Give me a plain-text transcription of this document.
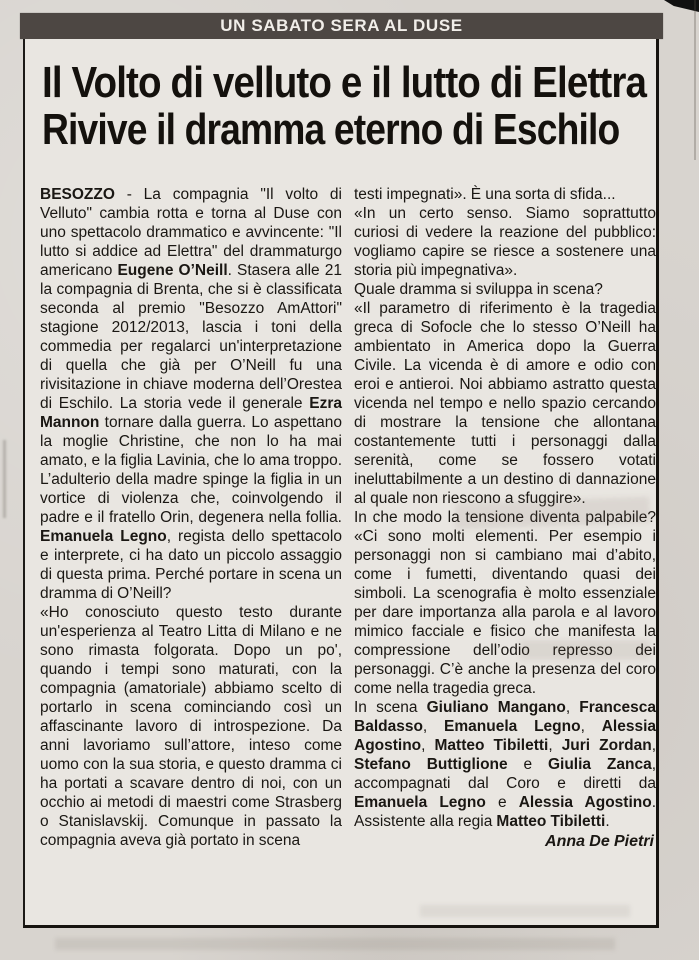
UN SABATO SERA AL DUSE
Il Volto di velluto e il lutto di Elettra
Rivive il dramma eterno di Eschilo

BESOZZO - La compagnia "Il volto di Velluto" cambia rotta e torna al Duse con uno spettacolo drammatico e avvincente: "Il lutto si addice ad Elettra" del drammaturgo americano Eugene O’Neill. Stasera alle 21 la compagnia di Brenta, che si è classificata seconda al premio "Besozzo AmAttori" stagione 2012/2013, lascia i toni della commedia per regalarci un'interpretazione di quella che già per O’Neill fu una rivisitazione in chiave moderna dell’Orestea di Eschilo. La storia vede il generale Ezra Mannon tornare dalla guerra. Lo aspettano la moglie Christine, che non lo ha mai amato, e la figlia Lavinia, che lo ama troppo. L’adulterio della madre spinge la figlia in un vortice di violenza che, coinvolgendo il padre e il fratello Orin, degenera nella follia. Emanuela Legno, regista dello spettacolo e interprete, ci ha dato un piccolo assaggio di questa prima. Perché portare in scena un dramma di O’Neill?

«Ho conosciuto questo testo durante un'esperienza al Teatro Litta di Milano e ne sono rimasta folgorata. Dopo un po', quando i tempi sono maturati, con la compagnia (amatoriale) abbiamo scelto di portarlo in scena cominciando così un affascinante lavoro di introspezione. Da anni lavoriamo sull’attore, inteso come uomo con la sua storia, e questo dramma ci ha portati a scavare dentro di noi, con un occhio ai metodi di maestri come Strasberg o Stanislavskij. Comunque in passato la compagnia aveva già portato in scena

testi impegnati». È una sorta di sfida...

«In un certo senso. Siamo soprattutto curiosi di vedere la reazione del pubblico: vogliamo capire se riesce a sostenere una storia più impegnativa».

Quale dramma si sviluppa in scena?

«Il parametro di riferimento è la tragedia greca di Sofocle che lo stesso O’Neill ha ambientato in America dopo la Guerra Civile. La vicenda è di amore e odio con eroi e antieroi. Noi abbiamo astratto questa vicenda nel tempo e nello spazio cercando di mostrare la tensione che allontana costantemente tutti i personaggi dalla serenità, come se fossero votati ineluttabilmente a un destino di dannazione al quale non riescono a sfuggire».

In che modo la tensione diventa palpabile? «Ci sono molti elementi. Per esempio i personaggi non si cambiano mai d’abito, come i fumetti, diventando quasi dei simboli. La scenografia è molto essenziale per dare importanza alla parola e al lavoro mimico facciale e fisico che manifesta la compressione dell’odio represso dei personaggi. C’è anche la presenza del coro come nella tragedia greca.

In scena Giuliano Mangano, Francesca Baldasso, Emanuela Legno, Alessia Agostino, Matteo Tibiletti, Juri Zordan, Stefano Buttiglione e Giulia Zanca, accompagnati dal Coro e diretti da Emanuela Legno e Alessia Agostino. Assistente alla regia Matteo Tibiletti.

Anna De Pietri
